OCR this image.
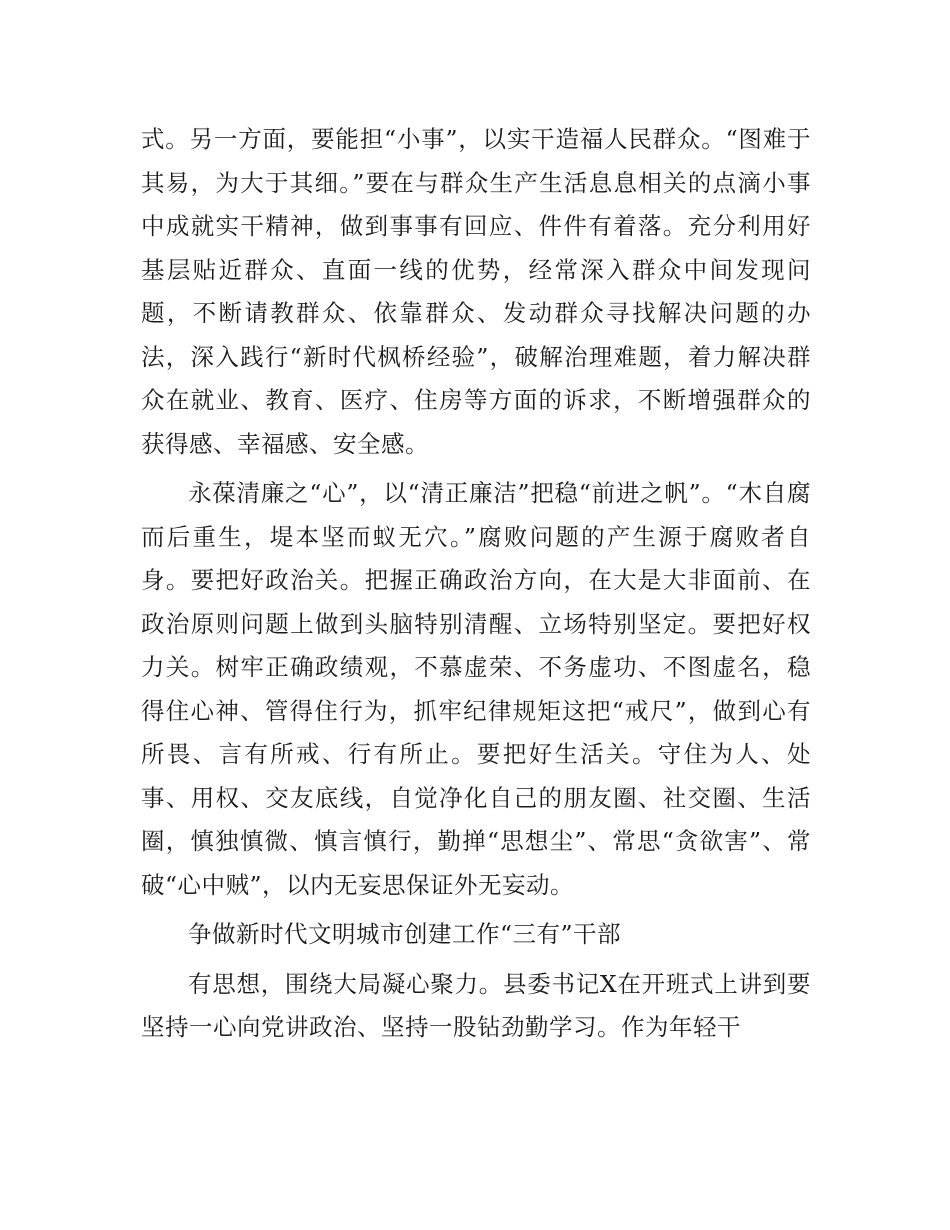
式。另一方面，要能担“小事”，以实干造福人民群众。“图难于其易，为大于其细。”要在与群众生产生活息息相关的点滴小事中成就实干精神，做到事事有回应、件件有着落。充分利用好基层贴近群众、直面一线的优势，经常深入群众中间发现问题，不断请教群众、依靠群众、发动群众寻找解决问题的办法，深入践行“新时代枫桥经验”，破解治理难题，着力解决群众在就业、教育、医疗、住房等方面的诉求，不断增强群众的获得感、幸福感、安全感。

永葆清廉之“心”，以“清正廉洁”把稳“前进之帆”。“木自腐而后重生，堤本坚而蚁无穴。”腐败问题的产生源于腐败者自身。要把好政治关。把握正确政治方向，在大是大非面前、在政治原则问题上做到头脑特别清醒、立场特别坚定。要把好权力关。树牢正确政绩观，不慕虚荣、不务虚功、不图虚名，稳得住心神、管得住行为，抓牢纪律规矩这把“戒尺”，做到心有所畏、言有所戒、行有所止。要把好生活关。守住为人、处事、用权、交友底线，自觉净化自己的朋友圈、社交圈、生活圈，慎独慎微、慎言慎行，勤掸“思想尘”、常思“贪欲害”、常破“心中贼”，以内无妄思保证外无妄动。

争做新时代文明城市创建工作“三有”干部

有思想，围绕大局凝心聚力。县委书记X在开班式上讲到要坚持一心向党讲政治、坚持一股钻劲勤学习。作为年轻干
